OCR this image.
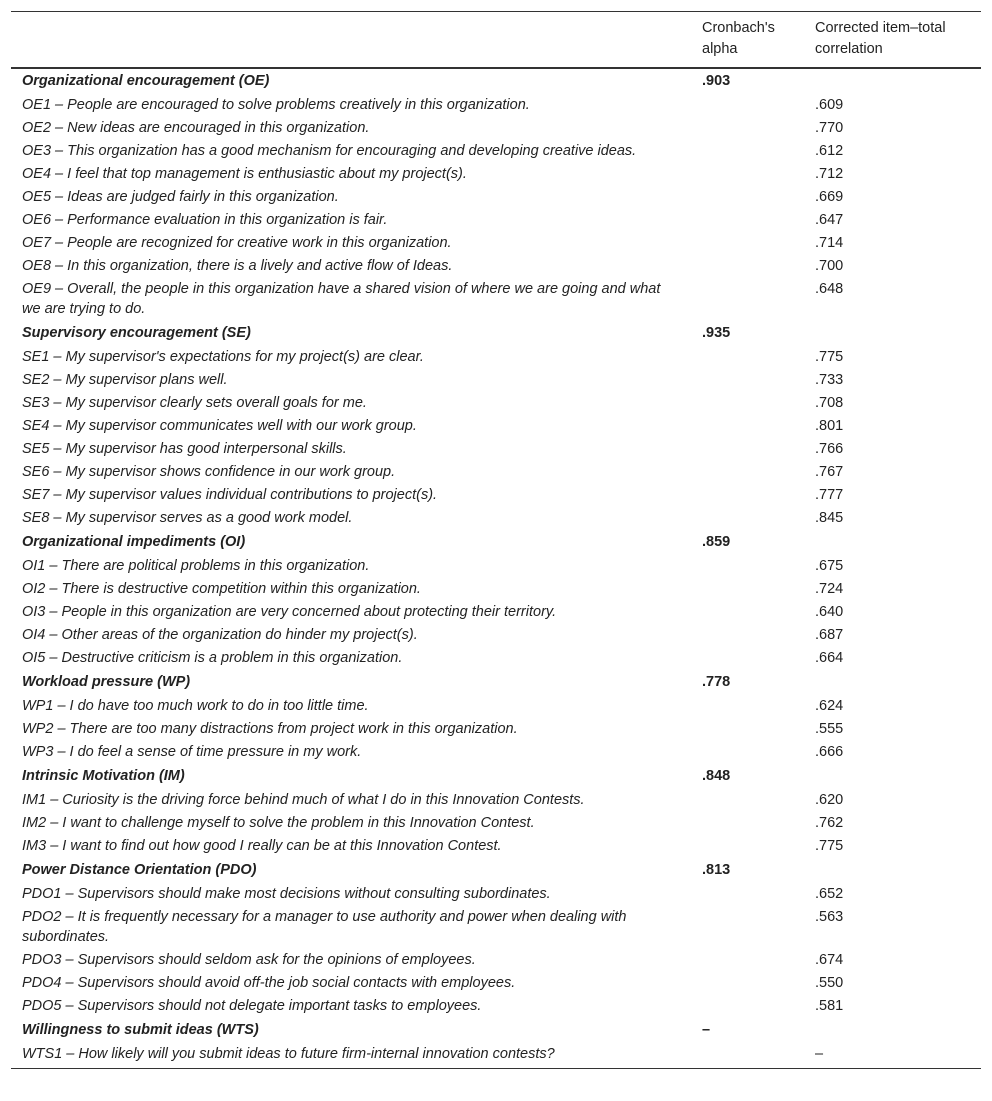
	Cronbach's alpha	Corrected item–total correlation
Organizational encouragement (OE)	.903	
OE1 – People are encouraged to solve problems creatively in this organization.		.609
OE2 – New ideas are encouraged in this organization.		.770
OE3 – This organization has a good mechanism for encouraging and developing creative ideas.		.612
OE4 – I feel that top management is enthusiastic about my project(s).		.712
OE5 – Ideas are judged fairly in this organization.		.669
OE6 – Performance evaluation in this organization is fair.		.647
OE7 – People are recognized for creative work in this organization.		.714
OE8 – In this organization, there is a lively and active flow of Ideas.		.700
OE9 – Overall, the people in this organization have a shared vision of where we are going and what we are trying to do.		.648
Supervisory encouragement (SE)	.935	
SE1 – My supervisor's expectations for my project(s) are clear.		.775
SE2 – My supervisor plans well.		.733
SE3 – My supervisor clearly sets overall goals for me.		.708
SE4 – My supervisor communicates well with our work group.		.801
SE5 – My supervisor has good interpersonal skills.		.766
SE6 – My supervisor shows confidence in our work group.		.767
SE7 – My supervisor values individual contributions to project(s).		.777
SE8 – My supervisor serves as a good work model.		.845
Organizational impediments (OI)	.859	
OI1 – There are political problems in this organization.		.675
OI2 – There is destructive competition within this organization.		.724
OI3 – People in this organization are very concerned about protecting their territory.		.640
OI4 – Other areas of the organization do hinder my project(s).		.687
OI5 – Destructive criticism is a problem in this organization.		.664
Workload pressure (WP)	.778	
WP1 – I do have too much work to do in too little time.		.624
WP2 – There are too many distractions from project work in this organization.		.555
WP3 – I do feel a sense of time pressure in my work.		.666
Intrinsic Motivation (IM)	.848	
IM1 – Curiosity is the driving force behind much of what I do in this Innovation Contests.		.620
IM2 – I want to challenge myself to solve the problem in this Innovation Contest.		.762
IM3 – I want to find out how good I really can be at this Innovation Contest.		.775
Power Distance Orientation (PDO)	.813	
PDO1 – Supervisors should make most decisions without consulting subordinates.		.652
PDO2 – It is frequently necessary for a manager to use authority and power when dealing with subordinates.		.563
PDO3 – Supervisors should seldom ask for the opinions of employees.		.674
PDO4 – Supervisors should avoid off-the job social contacts with employees.		.550
PDO5 – Supervisors should not delegate important tasks to employees.		.581
Willingness to submit ideas (WTS)	–	
WTS1 – How likely will you submit ideas to future firm-internal innovation contests?		–
